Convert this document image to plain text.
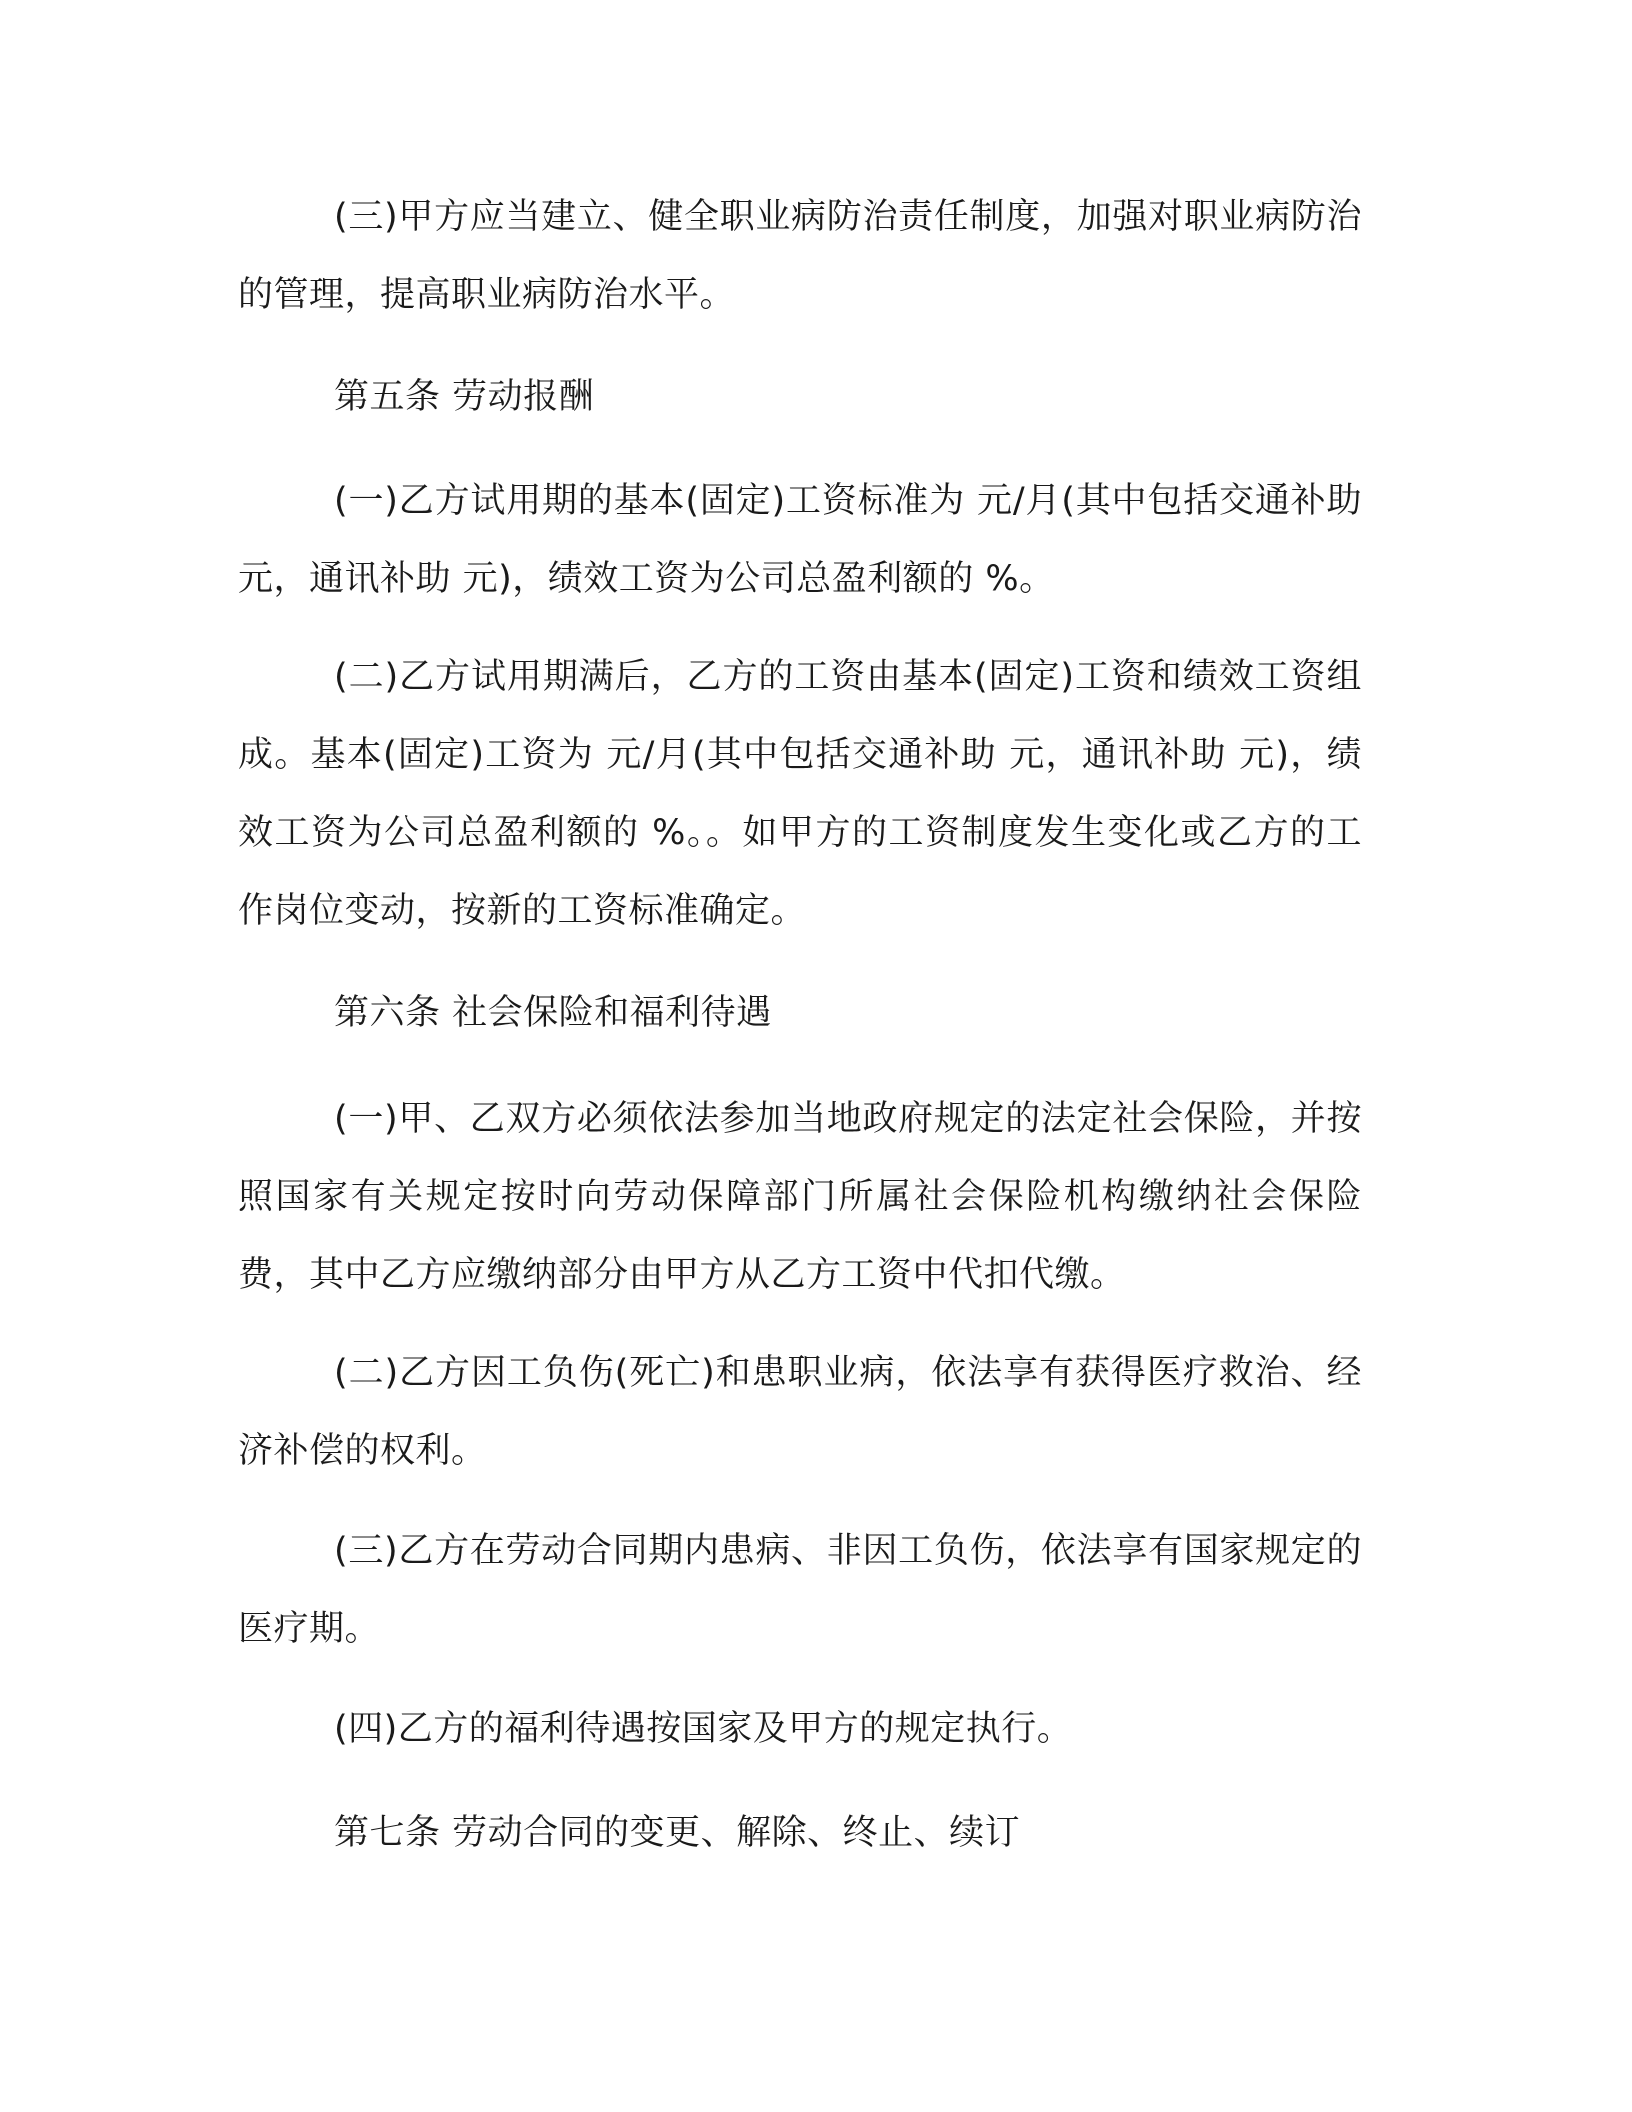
(三)甲方应当建立、健全职业病防治责任制度，加强对职业病防治的管理，提高职业病防治水平。

第五条 劳动报酬

(一)乙方试用期的基本(固定)工资标准为 元/月(其中包括交通补助 元，通讯补助 元)，绩效工资为公司总盈利额的 %。

(二)乙方试用期满后，乙方的工资由基本(固定)工资和绩效工资组成。基本(固定)工资为 元/月(其中包括交通补助 元，通讯补助 元)，绩效工资为公司总盈利额的 %。。如甲方的工资制度发生变化或乙方的工作岗位变动，按新的工资标准确定。

第六条 社会保险和福利待遇

(一)甲、乙双方必须依法参加当地政府规定的法定社会保险，并按照国家有关规定按时向劳动保障部门所属社会保险机构缴纳社会保险费，其中乙方应缴纳部分由甲方从乙方工资中代扣代缴。

(二)乙方因工负伤(死亡)和患职业病，依法享有获得医疗救治、经济补偿的权利。

(三)乙方在劳动合同期内患病、非因工负伤，依法享有国家规定的医疗期。

(四)乙方的福利待遇按国家及甲方的规定执行。

第七条 劳动合同的变更、解除、终止、续订
